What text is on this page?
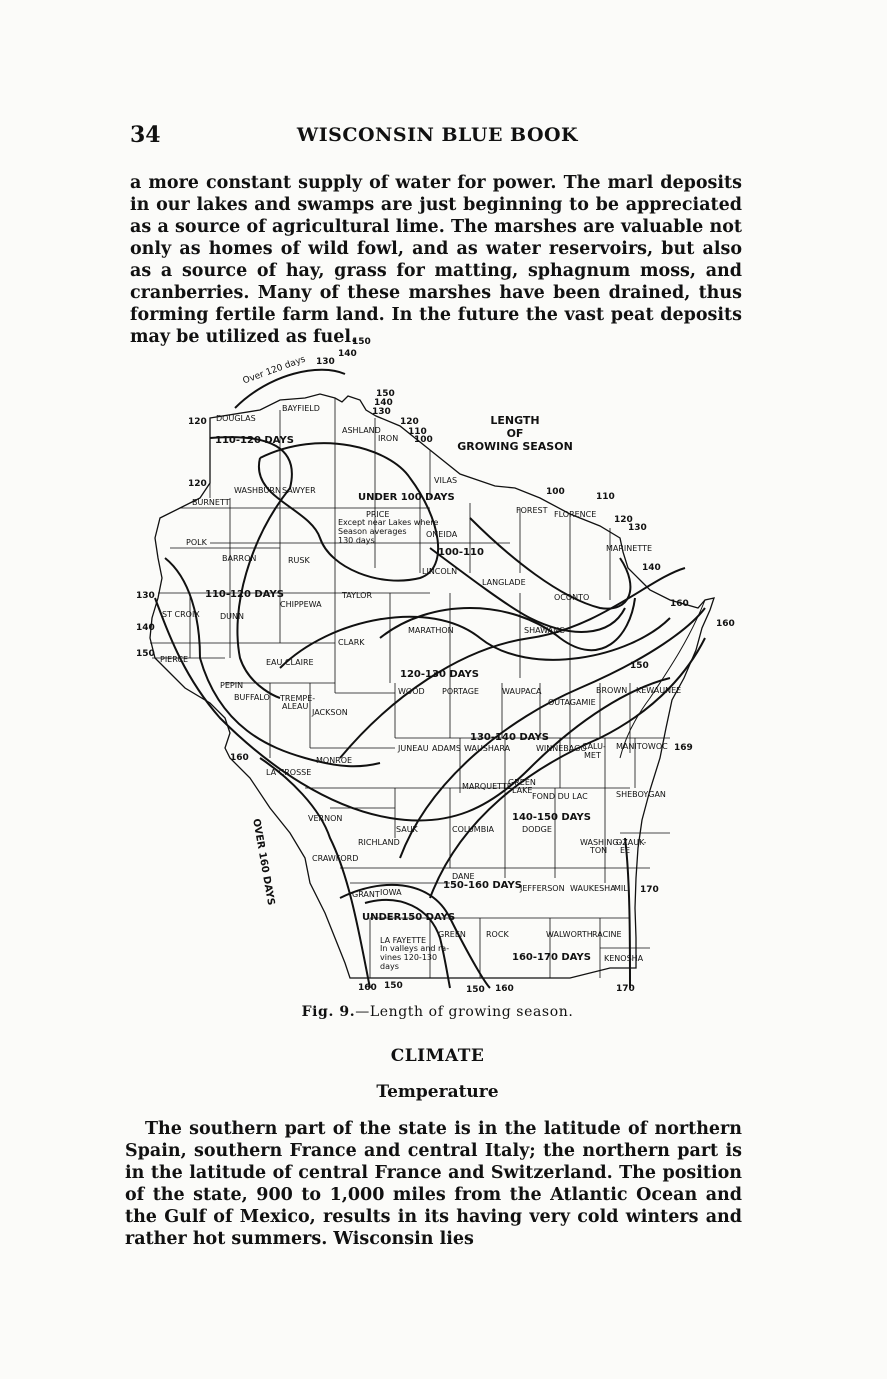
34	WISCONSIN BLUE BOOK

a more constant supply of water for power. The marl deposits in our lakes and swamps are just beginning to be appreciated as a source of agricultural lime. The marshes are valuable not only as homes of wild fowl, and as water reservoirs, but also as a source of hay, grass for matting, sphagnum moss, and cranberries. Many of these marshes have been drained, thus forming fertile farm land. In the future the vast peat deposits may be utilized as fuel.

LENGTH
OF
GROWING SEASON
110-120 DAYS
110-120 DAYS
UNDER 100 DAYS
100-110
120-130 DAYS
130-140 DAYS
140-150 DAYS
150-160 DAYS
UNDER150 DAYS
160-170 DAYS
OVER 160 DAYS
Over 120 days
Except near Lakes where
Season averages
130 days
In valleys and ra-
vines 120-130
days
120
120
130
140
150
160
100	110
120
130
140
160
160
150
169
170
120
110
100
150
140
130
150
140
130
160 150	150 160	170
DOUGLAS
BAYFIELD
ASHLAND
IRON
VILAS
BURNETT
WASHBURN SAWYER
PRICE
ONEIDA
FOREST FLORENCE
MARINETTE
POLK
BARRON	RUSK
TAYLOR
LINCOLN
LANGLADE
OCONTO
ST CROIX	DUNN
CHIPPEWA
MARATHON	SHAWANO
CLARK
PIERCE
PEPIN
EAU CLAIRE
BUFFALO TREMPE-
ALEAU
JACKSON
WOOD PORTAGE	WAUPACA
OUTAGAMIE
BROWN KEWAUNEE
LA CROSSE
MONROE
JUNEAU ADAMS WAUSHARA	WINNEBAGO
CALU-
MET
MANITOWOC
MARQUETTE
GREEN
LAKE
FOND DU LAC	SHEBOYGAN
VERNON
RICHLAND
SAUK	COLUMBIA	DODGE
WASHING-
TON
OZAUK-
EE
CRAWFORD
DANE
JEFFERSON WAUKESHA
MIL.
GRANT IOWA
LA FAYETTE
GREEN	ROCK	WALWORTH RACINE
KENOSHA
Fig. 9.—Length of growing season.
CLIMATE
Temperature

The southern part of the state is in the latitude of northern Spain, southern France and central Italy; the northern part is in the latitude of central France and Switzerland. The position of the state, 900 to 1,000 miles from the Atlantic Ocean and the Gulf of Mexico, results in its having very cold winters and rather hot summers. Wisconsin lies
